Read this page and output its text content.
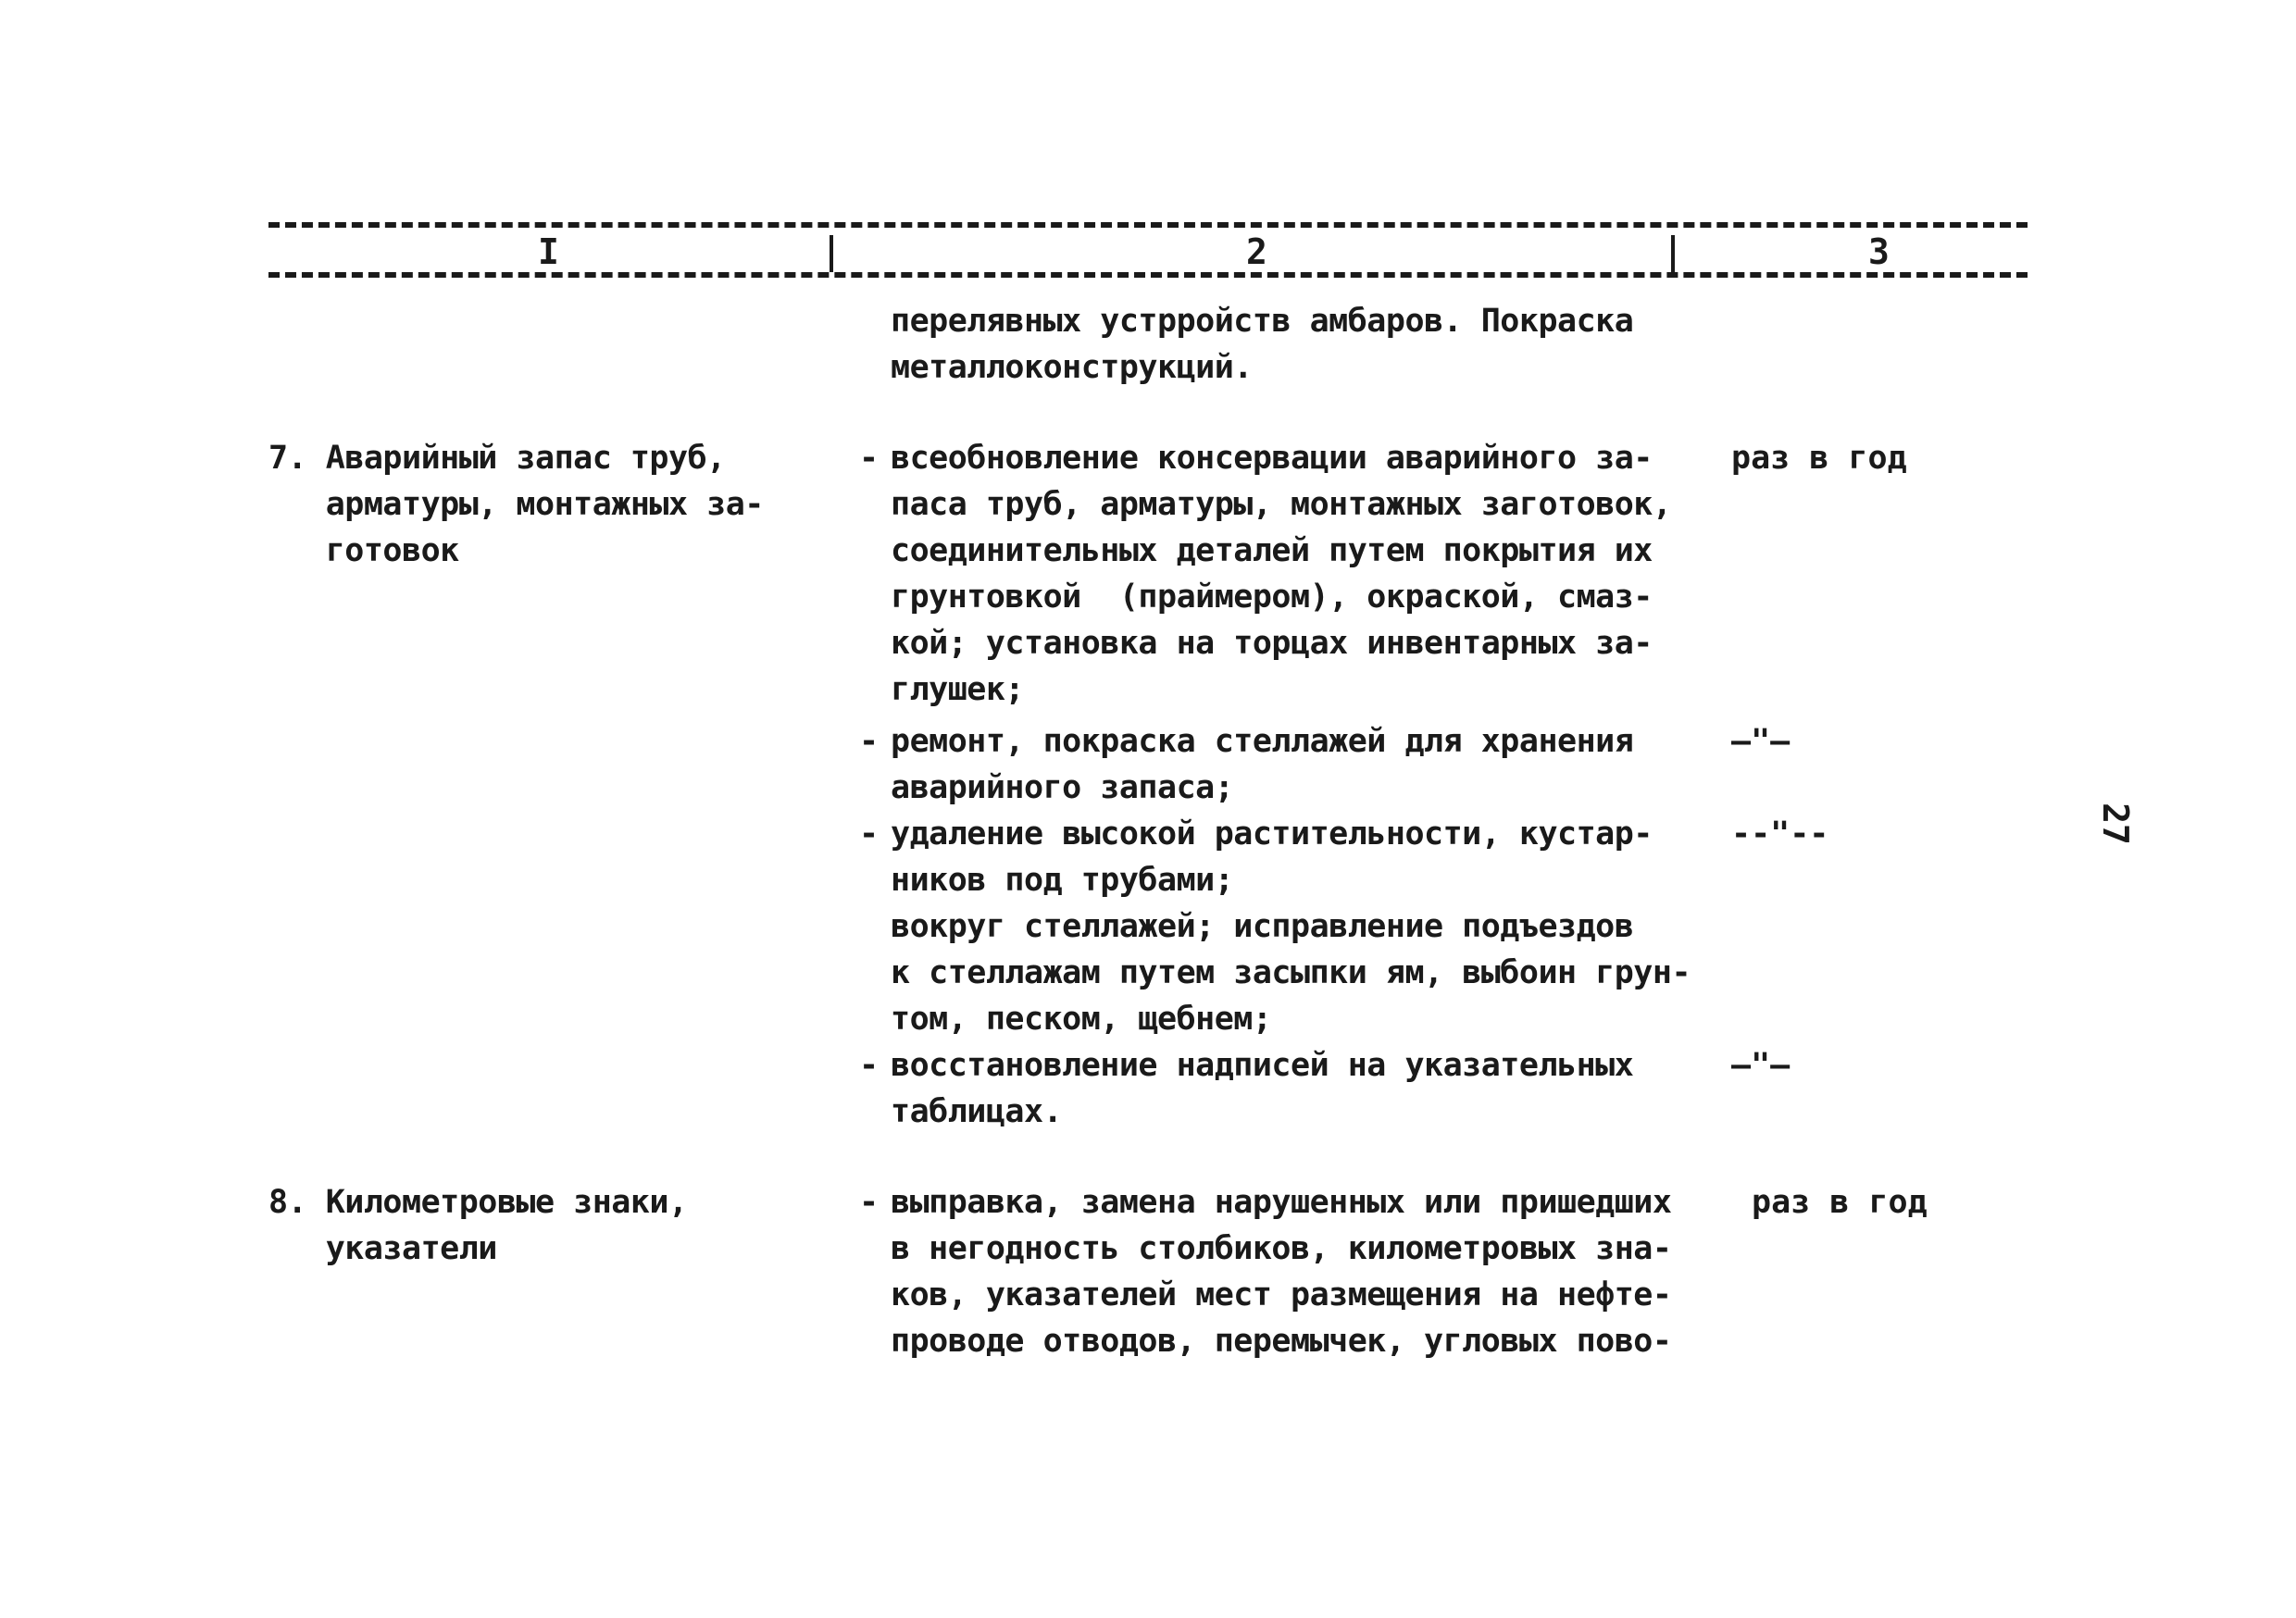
I	2	3
перелявных устрройств амбаров. Покраска
металлоконструкций.
7. Аварийный запас труб,
арматуры, монтажных за-
готовок
- всеобновление консервации аварийного за-
паса труб, арматуры, монтажных заготовок,
соединительных деталей путем покрытия их
грунтовкой  (праймером), окраской, смаз-
кой; установка на торцах инвентарных за-
глушек;
раз в год
- ремонт, покраска стеллажей для хранения
аварийного запаса;
—"—
- удаление высокой растительности, кустар-
ников под трубами;
вокруг стеллажей; исправление подъездов
к стеллажам путем засыпки ям, выбоин грун-
том, песком, щебнем;
--"--
- восстановление надписей на указательных
таблицах.
—"—
8. Километровые знаки,
указатели
- выправка, замена нарушенных или пришедших
в негодность столбиков, километровых зна-
ков, указателей мест размещения на нефте-
проводе отводов, перемычек, угловых пово-
раз в год
27
